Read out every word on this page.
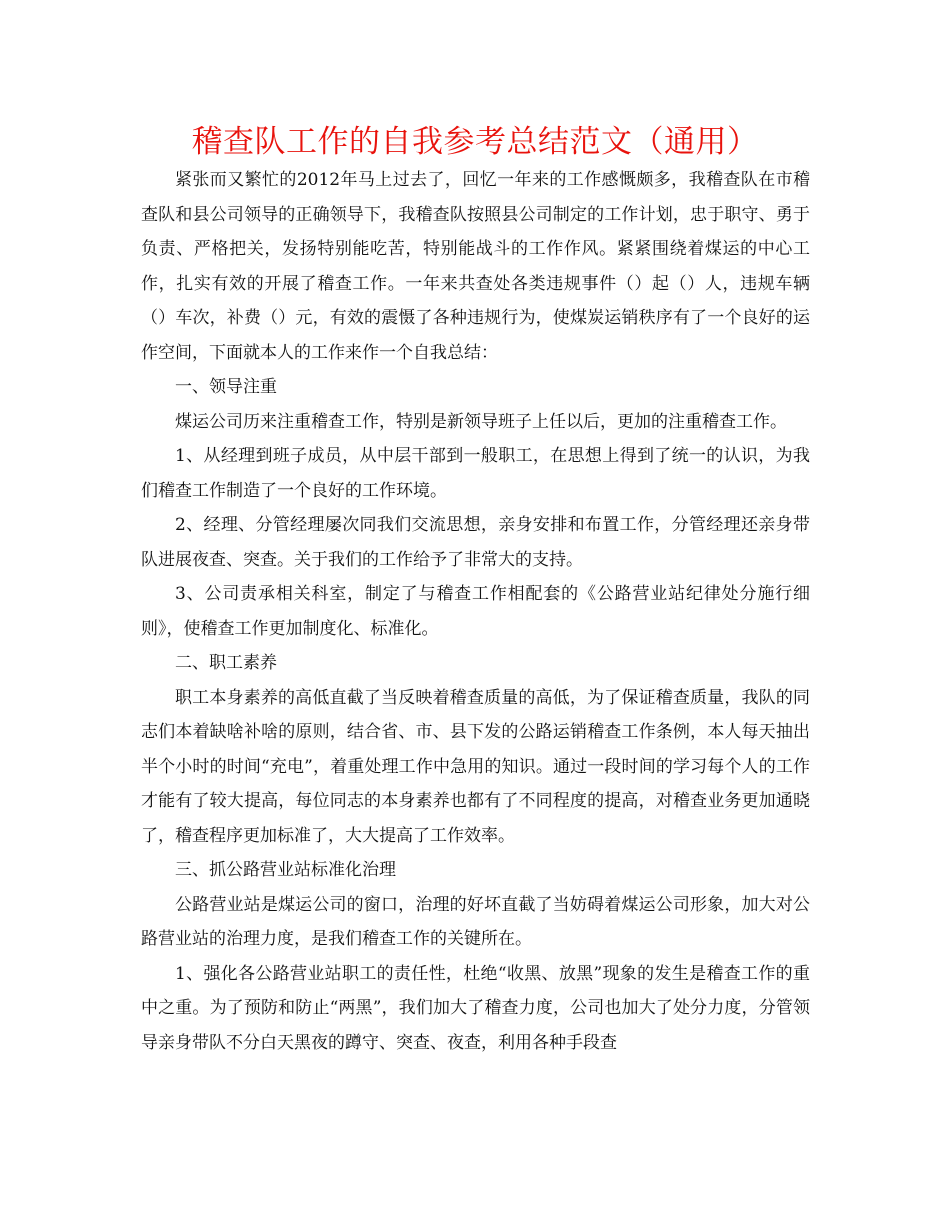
稽查队工作的自我参考总结范文（通用）

紧张而又繁忙的2012年马上过去了，回忆一年来的工作感慨颇多，我稽查队在市稽查队和县公司领导的正确领导下，我稽查队按照县公司制定的工作计划，忠于职守、勇于负责、严格把关，发扬特别能吃苦，特别能战斗的工作作风。紧紧围绕着煤运的中心工作，扎实有效的开展了稽查工作。一年来共查处各类违规事件（）起（）人，违规车辆（）车次，补费（）元，有效的震慑了各种违规行为，使煤炭运销秩序有了一个良好的运作空间，下面就本人的工作来作一个自我总结：

一、领导注重

煤运公司历来注重稽查工作，特别是新领导班子上任以后，更加的注重稽查工作。

1、从经理到班子成员，从中层干部到一般职工，在思想上得到了统一的认识，为我们稽查工作制造了一个良好的工作环境。

2、经理、分管经理屡次同我们交流思想，亲身安排和布置工作，分管经理还亲身带队进展夜查、突查。关于我们的工作给予了非常大的支持。

3、公司责承相关科室，制定了与稽查工作相配套的《公路营业站纪律处分施行细则》，使稽查工作更加制度化、标准化。

二、职工素养

职工本身素养的高低直截了当反映着稽查质量的高低，为了保证稽查质量，我队的同志们本着缺啥补啥的原则，结合省、市、县下发的公路运销稽查工作条例，本人每天抽出半个小时的时间“充电”，着重处理工作中急用的知识。通过一段时间的学习每个人的工作才能有了较大提高，每位同志的本身素养也都有了不同程度的提高，对稽查业务更加通晓了，稽查程序更加标准了，大大提高了工作效率。

三、抓公路营业站标准化治理

公路营业站是煤运公司的窗口，治理的好坏直截了当妨碍着煤运公司形象，加大对公路营业站的治理力度，是我们稽查工作的关键所在。

1、强化各公路营业站职工的责任性，杜绝“收黑、放黑”现象的发生是稽查工作的重中之重。为了预防和防止“两黑”，我们加大了稽查力度，公司也加大了处分力度，分管领导亲身带队不分白天黑夜的蹲守、突查、夜查，利用各种手段查
